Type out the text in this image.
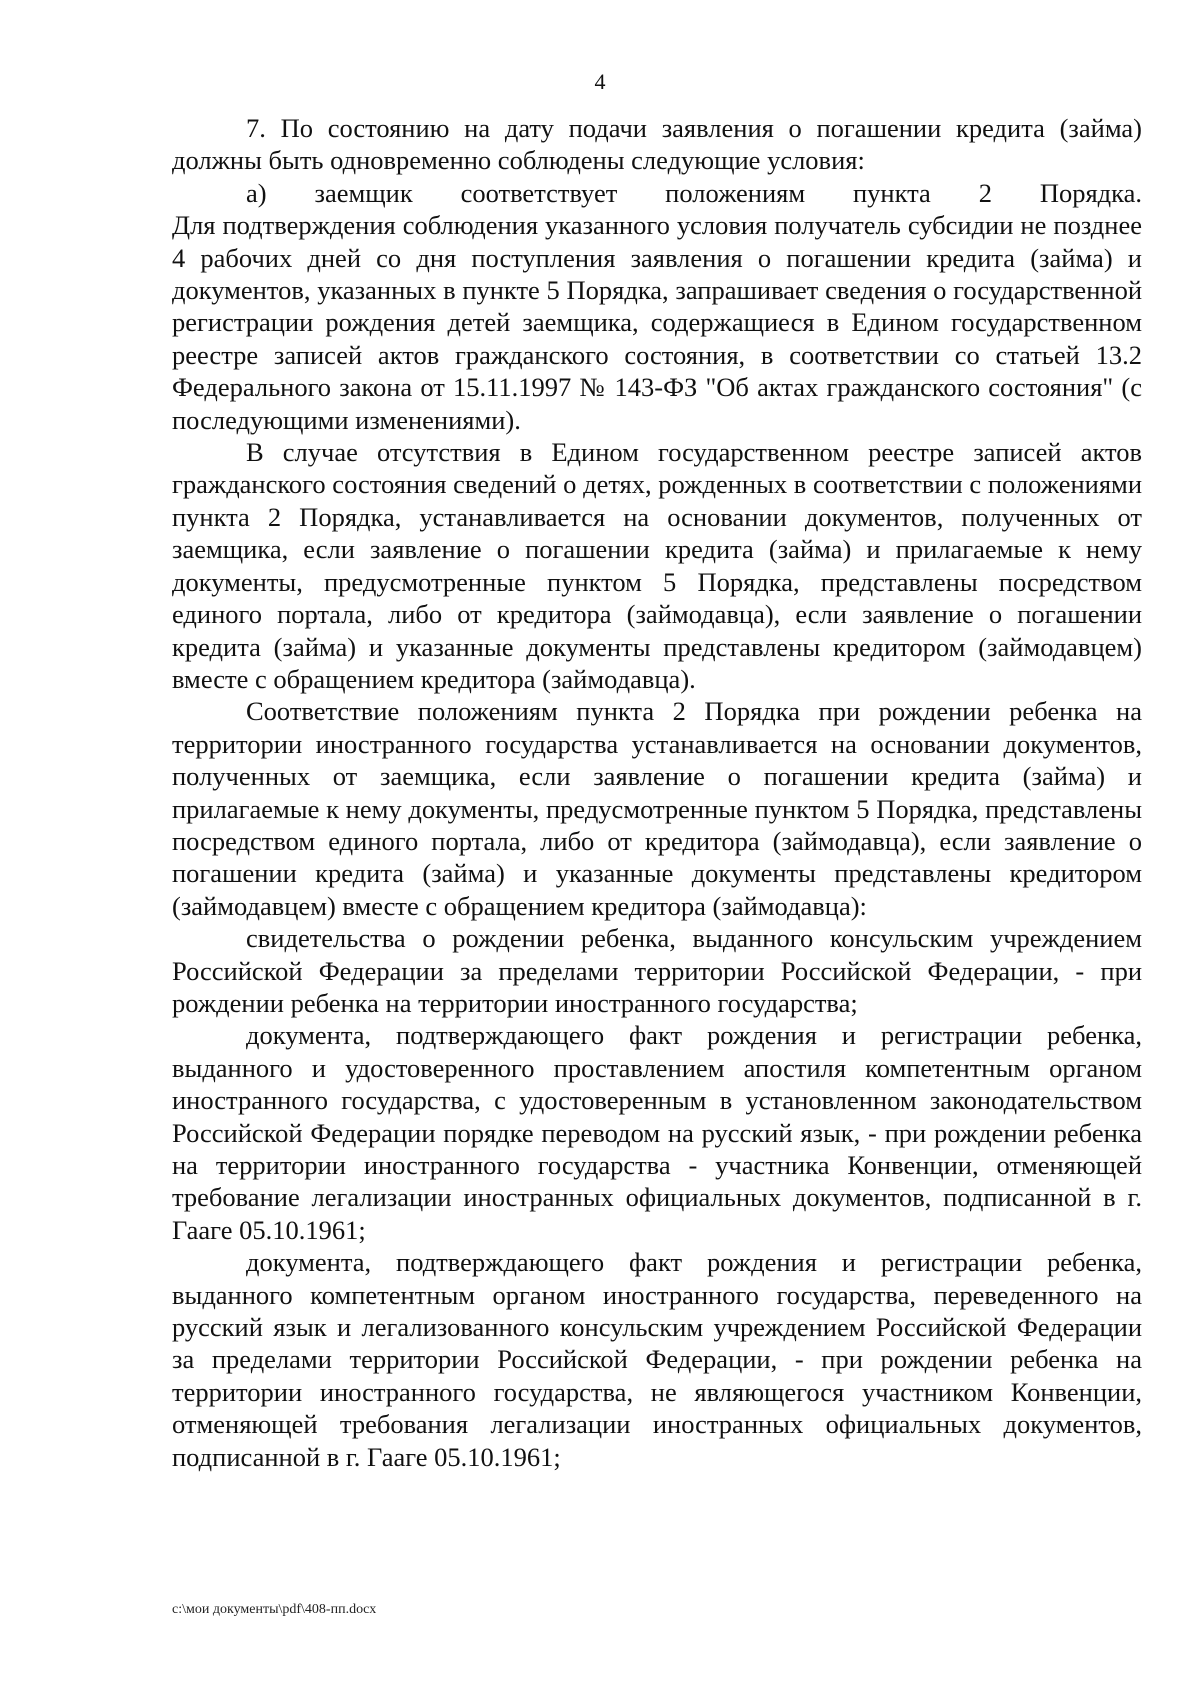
4

7. По состоянию на дату подачи заявления о погашении кредита (займа) должны быть одновременно соблюдены следующие условия:

а) заемщик соответствует положениям пункта 2 Порядка.

Для подтверждения соблюдения указанного условия получатель субсидии не позднее 4 рабочих дней со дня поступления заявления о погашении кредита (займа) и документов, указанных в пункте 5 Порядка, запрашивает сведения о государственной регистрации рождения детей заемщика, содержащиеся в Едином государственном реестре записей актов гражданского состояния, в соответствии со статьей 13.2 Федерального закона от 15.11.1997 № 143-ФЗ "Об актах гражданского состояния" (с последующими изменениями).

В случае отсутствия в Едином государственном реестре записей актов гражданского состояния сведений о детях, рожденных в соответствии с положениями пункта 2 Порядка, устанавливается на основании документов, полученных от заемщика, если заявление о погашении кредита (займа) и прилагаемые к нему документы, предусмотренные пунктом 5 Порядка, представлены посредством единого портала, либо от кредитора (займодавца), если заявление о погашении кредита (займа) и указанные документы представлены кредитором (займодавцем) вместе с обращением кредитора (займодавца).

Соответствие положениям пункта 2 Порядка при рождении ребенка на территории иностранного государства устанавливается на основании документов, полученных от заемщика, если заявление о погашении кредита (займа) и прилагаемые к нему документы, предусмотренные пунктом 5 Порядка, представлены посредством единого портала, либо от кредитора (займодавца), если заявление о погашении кредита (займа) и указанные документы представлены кредитором (займодавцем) вместе с обращением кредитора (займодавца):

свидетельства о рождении ребенка, выданного консульским учреждением Российской Федерации за пределами территории Российской Федерации, - при рождении ребенка на территории иностранного государства;

документа, подтверждающего факт рождения и регистрации ребенка, выданного и удостоверенного проставлением апостиля компетентным органом иностранного государства, с удостоверенным в установленном законодательством Российской Федерации порядке переводом на русский язык, - при рождении ребенка на территории иностранного государства - участника Конвенции, отменяющей требование легализации иностранных официальных документов, подписанной в г. Гааге 05.10.1961;

документа, подтверждающего факт рождения и регистрации ребенка, выданного компетентным органом иностранного государства, переведенного на русский язык и легализованного консульским учреждением Российской Федерации за пределами территории Российской Федерации, - при рождении ребенка на территории иностранного государства, не являющегося участником Конвенции, отменяющей требования легализации иностранных официальных документов, подписанной в г. Гааге 05.10.1961;

c:\мои документы\pdf\408-пп.docx
